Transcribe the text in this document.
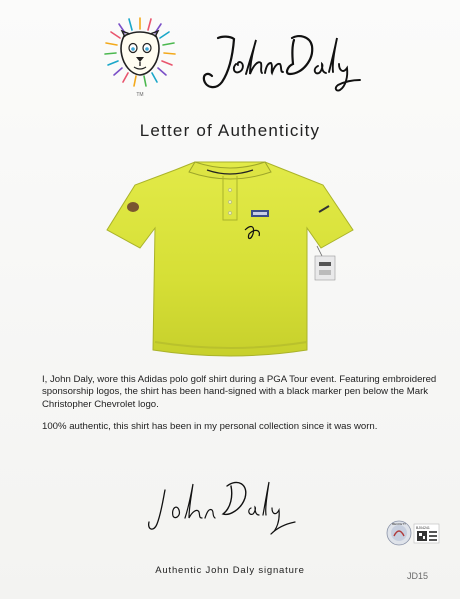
TM
Letter of Authenticity

I, John Daly, wore this Adidas polo golf shirt during a PGA Tour event. Featuring embroidered sponsorship logos, the shirt has been hand-signed with a black marker pen below the Mark Christopher Chevrolet logo.

100% authentic, this shirt has been in my personal collection since it was worn.

BECKETT
BJ04241
Authentic John Daly signature	JD15
